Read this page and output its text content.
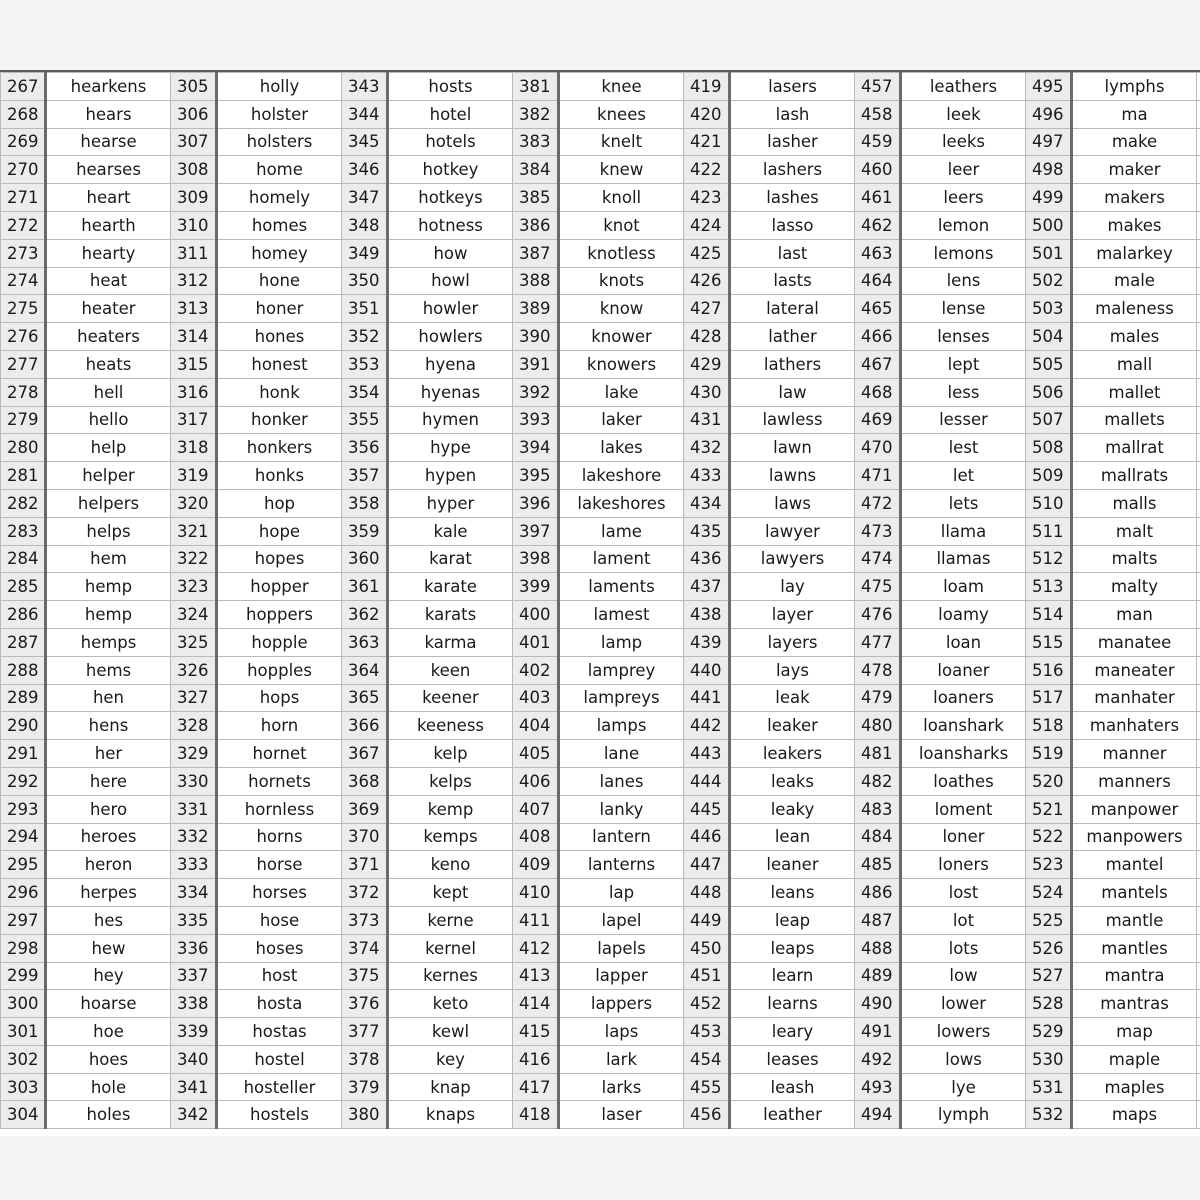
267	hearkens	305	holly	343	hosts	381	knee	419	lasers	457	leathers	495	lymphs	
268	hears	306	holster	344	hotel	382	knees	420	lash	458	leek	496	ma	
269	hearse	307	holsters	345	hotels	383	knelt	421	lasher	459	leeks	497	make	
270	hearses	308	home	346	hotkey	384	knew	422	lashers	460	leer	498	maker	
271	heart	309	homely	347	hotkeys	385	knoll	423	lashes	461	leers	499	makers	
272	hearth	310	homes	348	hotness	386	knot	424	lasso	462	lemon	500	makes	
273	hearty	311	homey	349	how	387	knotless	425	last	463	lemons	501	malarkey	
274	heat	312	hone	350	howl	388	knots	426	lasts	464	lens	502	male	
275	heater	313	honer	351	howler	389	know	427	lateral	465	lense	503	maleness	
276	heaters	314	hones	352	howlers	390	knower	428	lather	466	lenses	504	males	
277	heats	315	honest	353	hyena	391	knowers	429	lathers	467	lept	505	mall	
278	hell	316	honk	354	hyenas	392	lake	430	law	468	less	506	mallet	
279	hello	317	honker	355	hymen	393	laker	431	lawless	469	lesser	507	mallets	
280	help	318	honkers	356	hype	394	lakes	432	lawn	470	lest	508	mallrat	
281	helper	319	honks	357	hypen	395	lakeshore	433	lawns	471	let	509	mallrats	
282	helpers	320	hop	358	hyper	396	lakeshores	434	laws	472	lets	510	malls	
283	helps	321	hope	359	kale	397	lame	435	lawyer	473	llama	511	malt	
284	hem	322	hopes	360	karat	398	lament	436	lawyers	474	llamas	512	malts	
285	hemp	323	hopper	361	karate	399	laments	437	lay	475	loam	513	malty	
286	hemp	324	hoppers	362	karats	400	lamest	438	layer	476	loamy	514	man	
287	hemps	325	hopple	363	karma	401	lamp	439	layers	477	loan	515	manatee	
288	hems	326	hopples	364	keen	402	lamprey	440	lays	478	loaner	516	maneater	
289	hen	327	hops	365	keener	403	lampreys	441	leak	479	loaners	517	manhater	
290	hens	328	horn	366	keeness	404	lamps	442	leaker	480	loanshark	518	manhaters	
291	her	329	hornet	367	kelp	405	lane	443	leakers	481	loansharks	519	manner	
292	here	330	hornets	368	kelps	406	lanes	444	leaks	482	loathes	520	manners	
293	hero	331	hornless	369	kemp	407	lanky	445	leaky	483	loment	521	manpower	
294	heroes	332	horns	370	kemps	408	lantern	446	lean	484	loner	522	manpowers	
295	heron	333	horse	371	keno	409	lanterns	447	leaner	485	loners	523	mantel	
296	herpes	334	horses	372	kept	410	lap	448	leans	486	lost	524	mantels	
297	hes	335	hose	373	kerne	411	lapel	449	leap	487	lot	525	mantle	
298	hew	336	hoses	374	kernel	412	lapels	450	leaps	488	lots	526	mantles	
299	hey	337	host	375	kernes	413	lapper	451	learn	489	low	527	mantra	
300	hoarse	338	hosta	376	keto	414	lappers	452	learns	490	lower	528	mantras	
301	hoe	339	hostas	377	kewl	415	laps	453	leary	491	lowers	529	map	
302	hoes	340	hostel	378	key	416	lark	454	leases	492	lows	530	maple	
303	hole	341	hosteller	379	knap	417	larks	455	leash	493	lye	531	maples	
304	holes	342	hostels	380	knaps	418	laser	456	leather	494	lymph	532	maps	
